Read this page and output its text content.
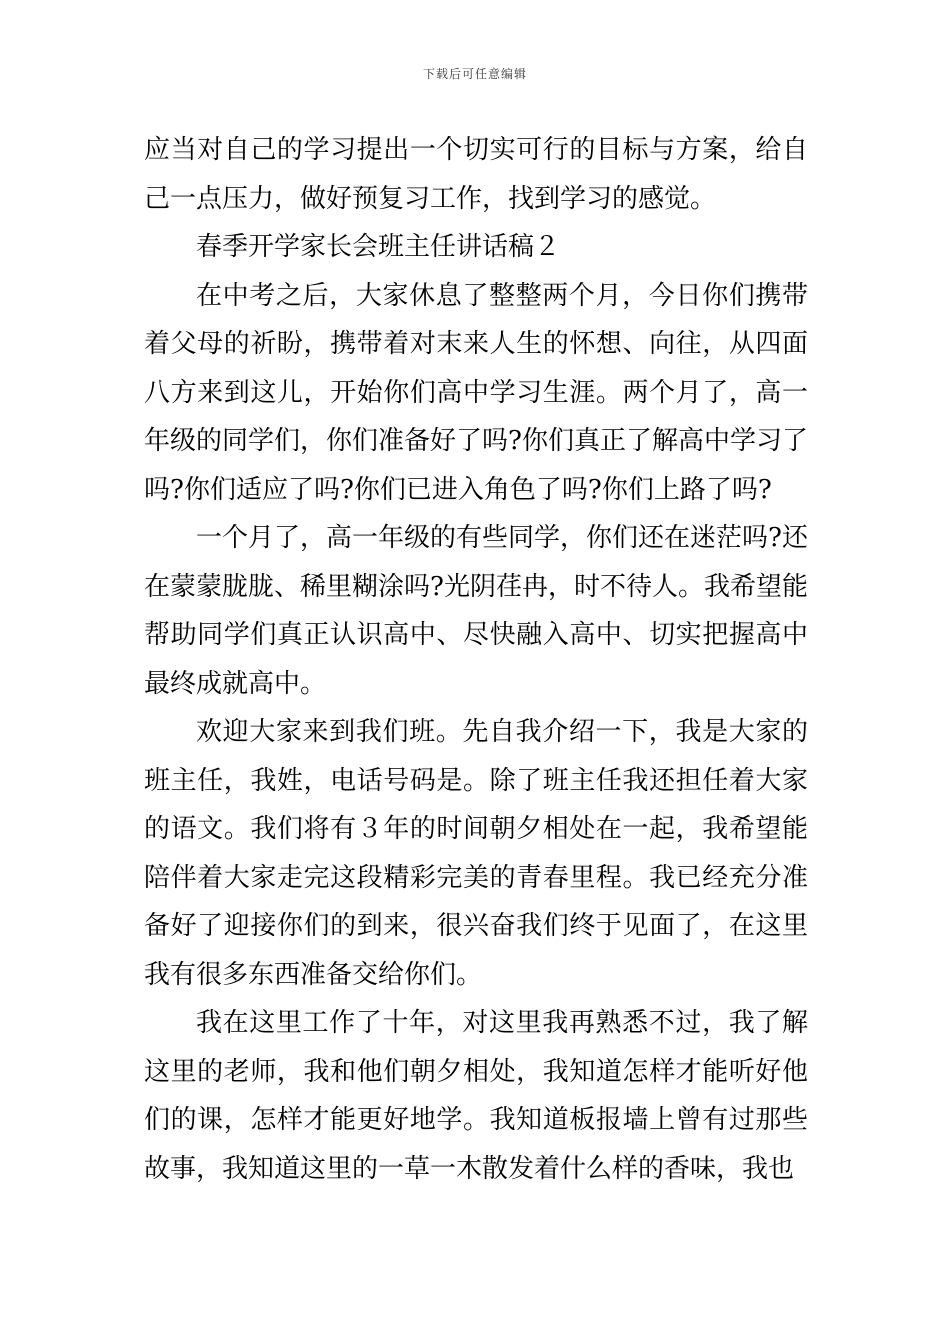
下载后可任意编辑

应当对自己的学习提出一个切实可行的目标与方案，给自己一点压力，做好预复习工作，找到学习的感觉。

春季开学家长会班主任讲话稿２

在中考之后，大家休息了整整两个月，今日你们携带着父母的祈盼，携带着对末来人生的怀想、向往，从四面八方来到这儿，开始你们高中学习生涯。两个月了，高一年级的同学们，你们准备好了吗?你们真正了解高中学习了吗?你们适应了吗?你们已进入角色了吗?你们上路了吗?

一个月了，高一年级的有些同学，你们还在迷茫吗?还在蒙蒙胧胧、稀里糊涂吗?光阴荏冉，时不待人。我希望能帮助同学们真正认识高中、尽快融入高中、切实把握高中最终成就高中。

欢迎大家来到我们班。先自我介绍一下，我是大家的班主任，我姓，电话号码是。除了班主任我还担任着大家的语文。我们将有３年的时间朝夕相处在一起，我希望能陪伴着大家走完这段精彩完美的青春里程。我已经充分准备好了迎接你们的到来，很兴奋我们终于见面了，在这里我有很多东西准备交给你们。

我在这里工作了十年，对这里我再熟悉不过，我了解这里的老师，我和他们朝夕相处，我知道怎样才能听好他们的课，怎样才能更好地学。我知道板报墙上曾有过那些故事，我知道这里的一草一木散发着什么样的香味，我也
